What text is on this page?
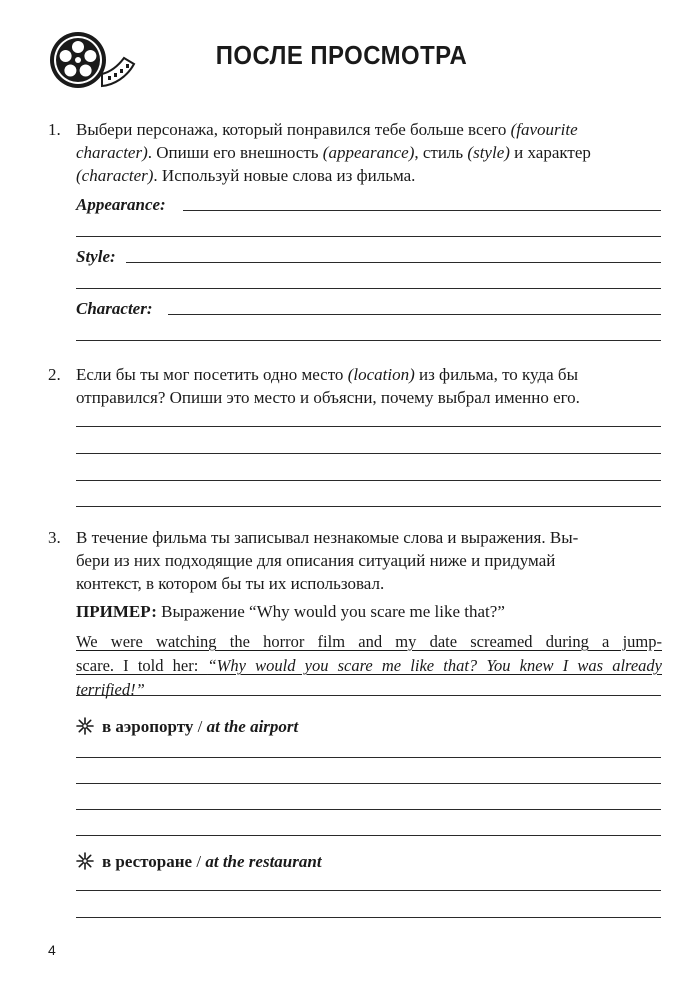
ПОСЛЕ ПРОСМОТРА
1. Выбери персонажа, который понравился тебе больше всего (favourite
character). Опиши его внешность (appearance), стиль (style) и характер
(character). Используй новые слова из фильма.
Appearance:
Style:
Character:
2. Если бы ты мог посетить одно место (location) из фильма, то куда бы
отправился? Опиши это место и объясни, почему выбрал именно его.
3. В течение фильма ты записывал незнакомые слова и выражения. Вы-
бери из них подходящие для описания ситуаций ниже и придумай
контекст, в котором бы ты их использовал.
ПРИМЕР: Выражение “Why would you scare me like that?”
We were watching the horror film and my date screamed during a jump-
scare. I told her: “Why would you scare me like that? You knew I was already
terrified!”
в аэропорту / at the airport
в ресторане / at the restaurant
4
